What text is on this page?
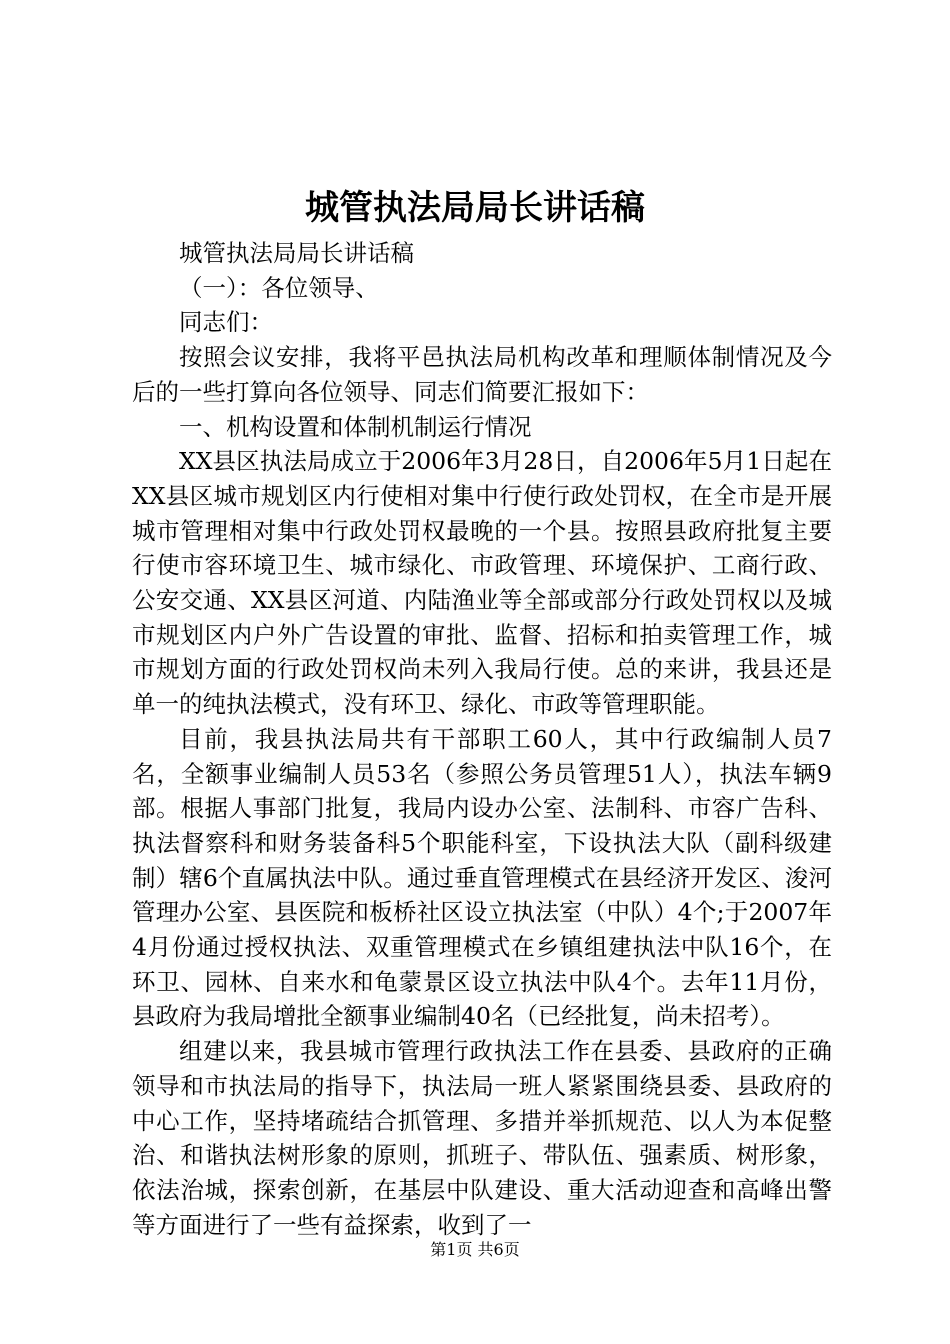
城管执法局局长讲话稿

城管执法局局长讲话稿

（一）：各位领导、

同志们：

按照会议安排，我将平邑执法局机构改革和理顺体制情况及今后的一些打算向各位领导、同志们简要汇报如下：

一、机构设置和体制机制运行情况

XX县区执法局成立于2006年3月28日，自2006年5月1日起在XX县区城市规划区内行使相对集中行使行政处罚权，在全市是开展城市管理相对集中行政处罚权最晚的一个县。按照县政府批复主要行使市容环境卫生、城市绿化、市政管理、环境保护、工商行政、公安交通、XX县区河道、内陆渔业等全部或部分行政处罚权以及城市规划区内户外广告设置的审批、监督、招标和拍卖管理工作，城市规划方面的行政处罚权尚未列入我局行使。总的来讲，我县还是单一的纯执法模式，没有环卫、绿化、市政等管理职能。

目前，我县执法局共有干部职工60人，其中行政编制人员7名，全额事业编制人员53名（参照公务员管理51人），执法车辆9部。根据人事部门批复，我局内设办公室、法制科、市容广告科、执法督察科和财务装备科5个职能科室，下设执法大队（副科级建制）辖6个直属执法中队。通过垂直管理模式在县经济开发区、浚河管理办公室、县医院和板桥社区设立执法室（中队）4个;于2007年4月份通过授权执法、双重管理模式在乡镇组建执法中队16个，在环卫、园林、自来水和龟蒙景区设立执法中队4个。去年11月份，县政府为我局增批全额事业编制40名（已经批复，尚未招考）。

组建以来，我县城市管理行政执法工作在县委、县政府的正确领导和市执法局的指导下，执法局一班人紧紧围绕县委、县政府的中心工作，坚持堵疏结合抓管理、多措并举抓规范、以人为本促整治、和谐执法树形象的原则，抓班子、带队伍、强素质、树形象，依法治城，探索创新，在基层中队建设、重大活动迎查和高峰出警等方面进行了一些有益探索，收到了一

第1页 共6页
